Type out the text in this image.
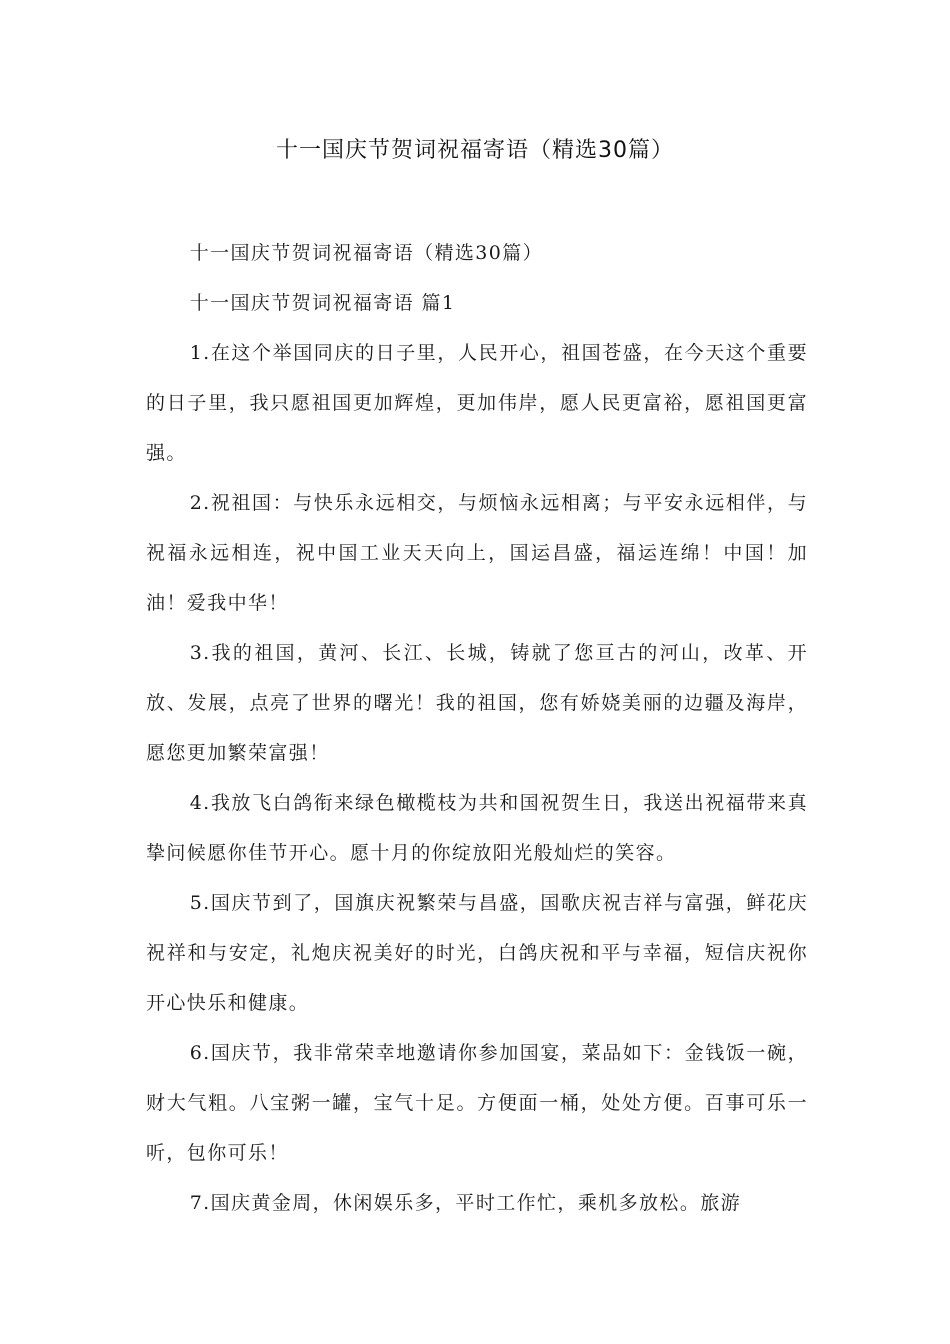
十一国庆节贺词祝福寄语（精选30篇）

十一国庆节贺词祝福寄语（精选30篇）

十一国庆节贺词祝福寄语 篇1

1.在这个举国同庆的日子里，人民开心，祖国苍盛，在今天这个重要的日子里，我只愿祖国更加辉煌，更加伟岸，愿人民更富裕，愿祖国更富强。

2.祝祖国：与快乐永远相交，与烦恼永远相离；与平安永远相伴，与祝福永远相连，祝中国工业天天向上，国运昌盛，福运连绵！中国！加油！爱我中华！

3.我的祖国，黄河、长江、长城，铸就了您亘古的河山，改革、开放、发展，点亮了世界的曙光！我的祖国，您有娇娆美丽的边疆及海岸，愿您更加繁荣富强！

4.我放飞白鸽衔来绿色橄榄枝为共和国祝贺生日，我送出祝福带来真挚问候愿你佳节开心。愿十月的你绽放阳光般灿烂的笑容。

5.国庆节到了，国旗庆祝繁荣与昌盛，国歌庆祝吉祥与富强，鲜花庆祝祥和与安定，礼炮庆祝美好的时光，白鸽庆祝和平与幸福，短信庆祝你开心快乐和健康。

6.国庆节，我非常荣幸地邀请你参加国宴，菜品如下：金钱饭一碗，财大气粗。八宝粥一罐，宝气十足。方便面一桶，处处方便。百事可乐一听，包你可乐！

7.国庆黄金周，休闲娱乐多，平时工作忙，乘机多放松。旅游
